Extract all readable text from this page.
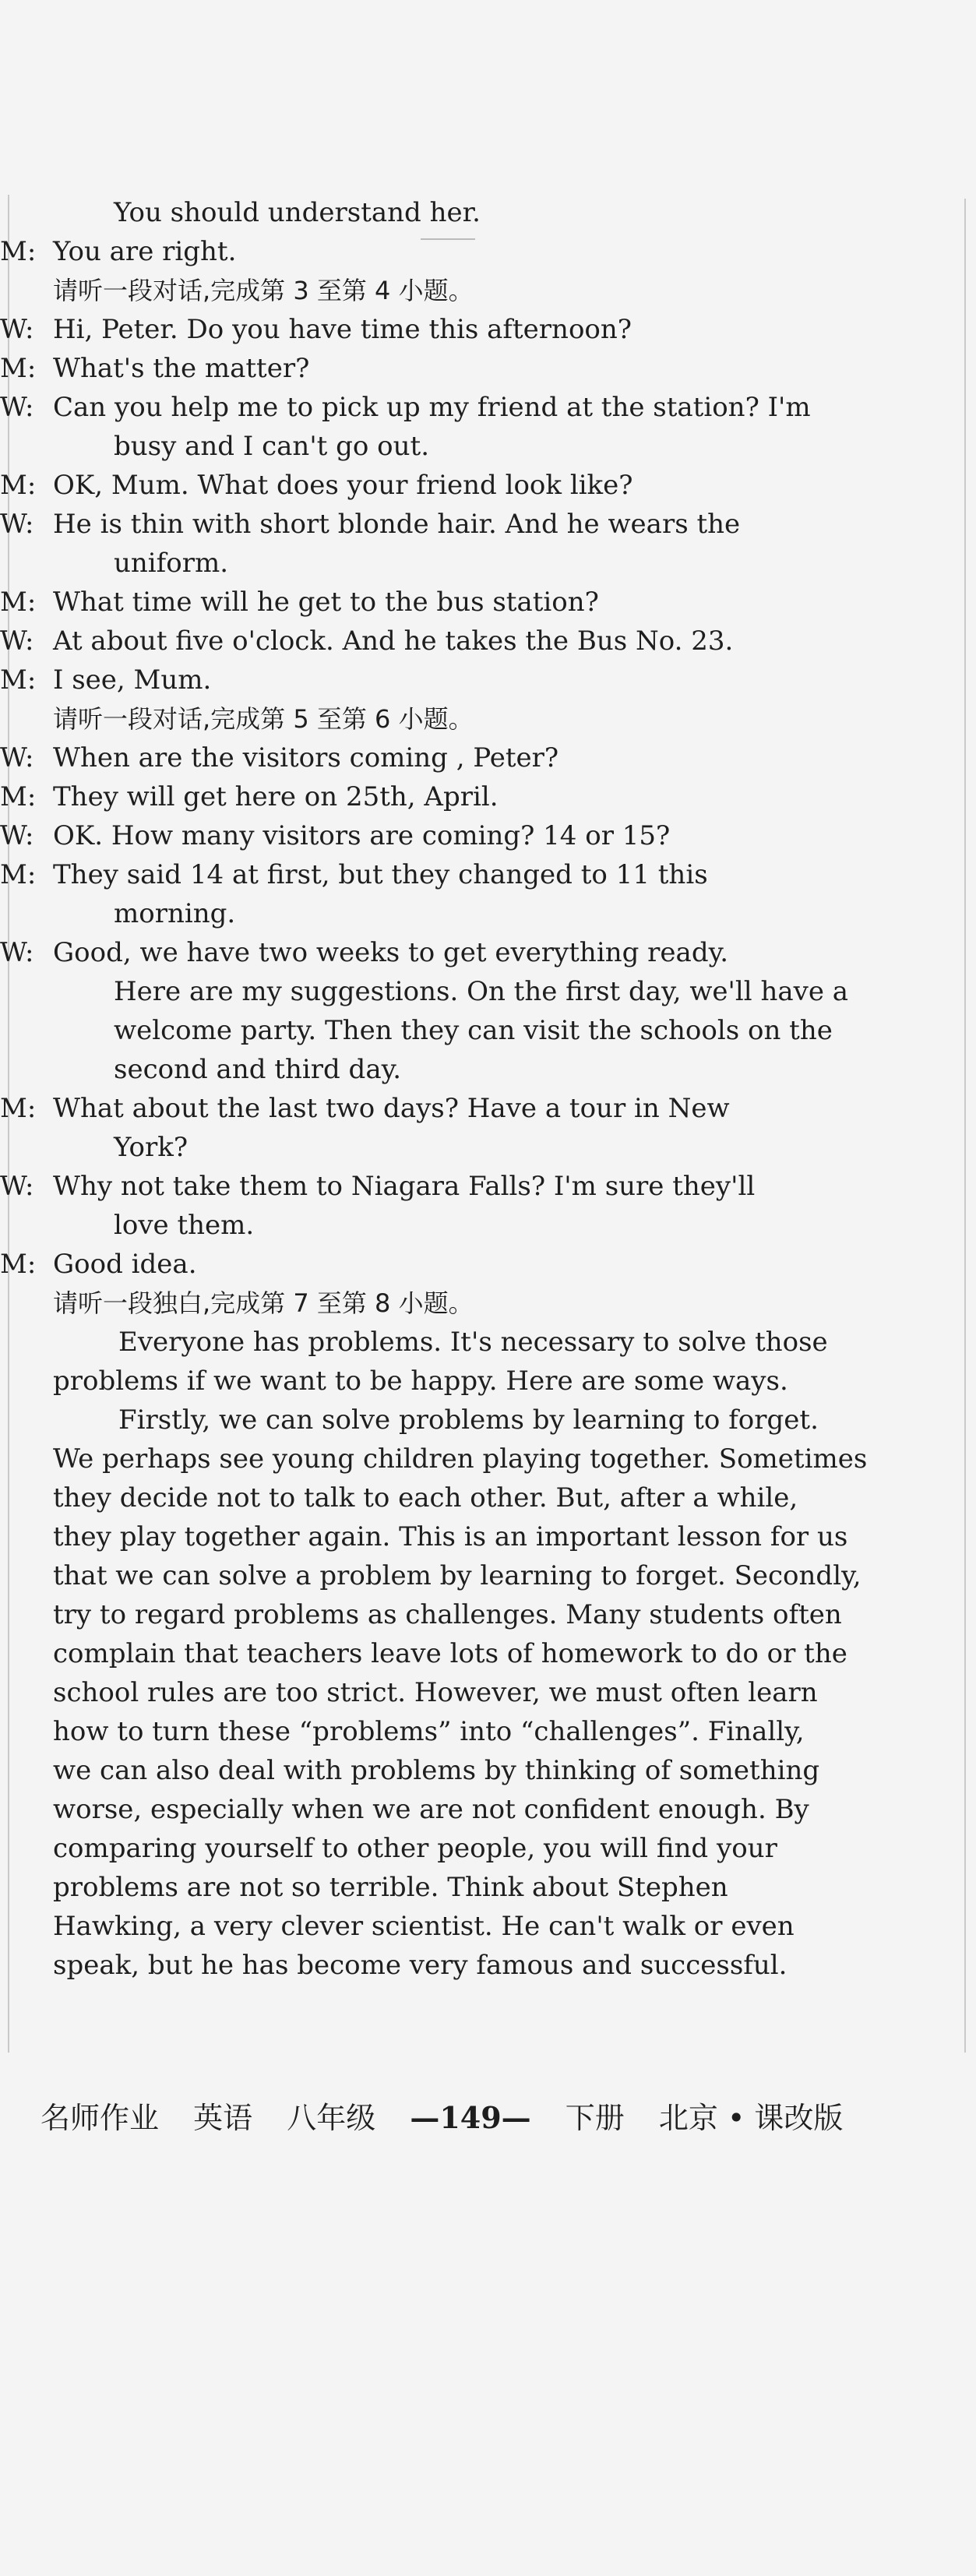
You should understand her.
M: You are right.
请听一段对话,完成第 3 至第 4 小题。
W: Hi, Peter. Do you have time this afternoon?
M: What's the matter?
W: Can you help me to pick up my friend at the station? I'm
busy and I can't go out.
M: OK, Mum. What does your friend look like?
W: He is thin with short blonde hair. And he wears the
uniform.
M: What time will he get to the bus station?
W: At about five o'clock. And he takes the Bus No. 23.
M: I see, Mum.
请听一段对话,完成第 5 至第 6 小题。
W: When are the visitors coming , Peter?
M: They will get here on 25th, April.
W: OK. How many visitors are coming? 14 or 15?
M: They said 14 at first, but they changed to 11 this
morning.
W: Good, we have two weeks to get everything ready.
Here are my suggestions. On the first day, we'll have a
welcome party. Then they can visit the schools on the
second and third day.
M: What about the last two days? Have a tour in New
York?
W: Why not take them to Niagara Falls? I'm sure they'll
love them.
M: Good idea.
请听一段独白,完成第 7 至第 8 小题。
Everyone has problems. It's necessary to solve those
problems if we want to be happy. Here are some ways.
Firstly, we can solve problems by learning to forget.
We perhaps see young children playing together. Sometimes
they decide not to talk to each other. But, after a while,
they play together again. This is an important lesson for us
that we can solve a problem by learning to forget. Secondly,
try to regard problems as challenges. Many students often
complain that teachers leave lots of homework to do or the
school rules are too strict. However, we must often learn
how to turn these “problems” into “challenges”. Finally,
we can also deal with problems by thinking of something
worse, especially when we are not confident enough. By
comparing yourself to other people, you will find your
problems are not so terrible. Think about Stephen
Hawking, a very clever scientist. He can't walk or even
speak, but he has become very famous and successful.
名师作业 英语 八年级 —149— 下册 北京 • 课改版
